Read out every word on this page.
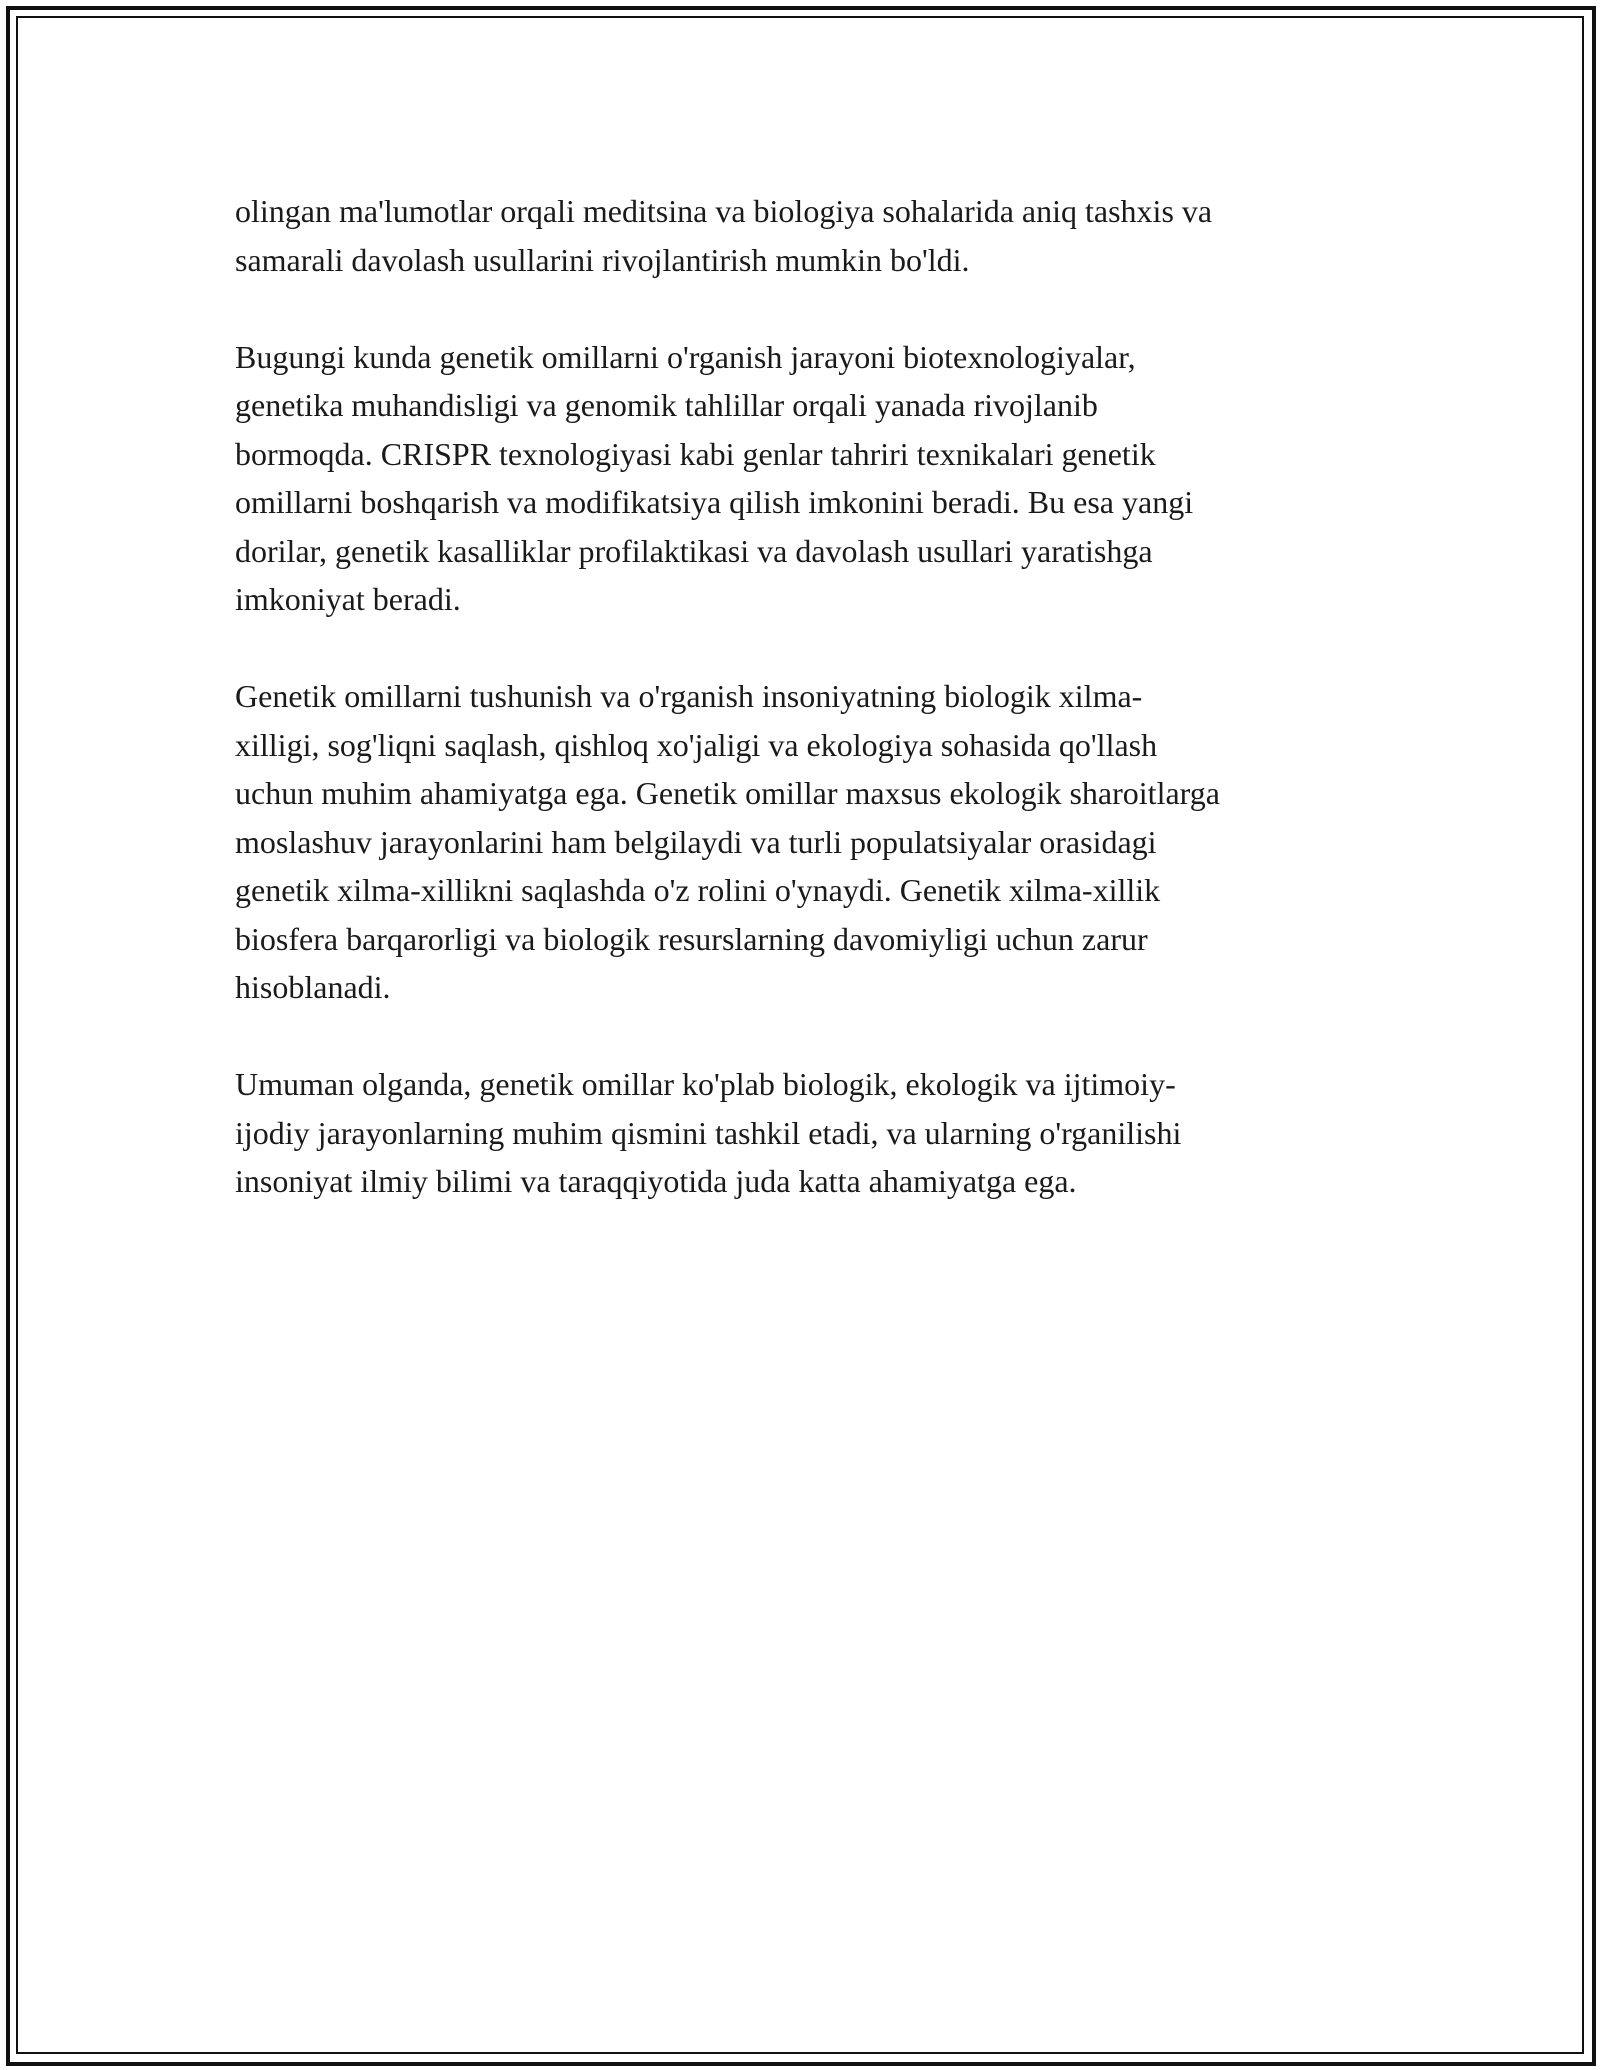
olingan ma'lumotlar orqali meditsina va biologiya sohalarida aniq tashxis va
samarali davolash usullarini rivojlantirish mumkin bo'ldi.

Bugungi kunda genetik omillarni o'rganish jarayoni biotexnologiyalar,
genetika muhandisligi va genomik tahlillar orqali yanada rivojlanib
bormoqda. CRISPR texnologiyasi kabi genlar tahriri texnikalari genetik
omillarni boshqarish va modifikatsiya qilish imkonini beradi. Bu esa yangi
dorilar, genetik kasalliklar profilaktikasi va davolash usullari yaratishga
imkoniyat beradi.

Genetik omillarni tushunish va o'rganish insoniyatning biologik xilma-
xilligi, sog'liqni saqlash, qishloq xo'jaligi va ekologiya sohasida qo'llash
uchun muhim ahamiyatga ega. Genetik omillar maxsus ekologik sharoitlarga
moslashuv jarayonlarini ham belgilaydi va turli populatsiyalar orasidagi
genetik xilma-xillikni saqlashda o'z rolini o'ynaydi. Genetik xilma-xillik
biosfera barqarorligi va biologik resurslarning davomiyligi uchun zarur
hisoblanadi.

Umuman olganda, genetik omillar ko'plab biologik, ekologik va ijtimoiy-
ijodiy jarayonlarning muhim qismini tashkil etadi, va ularning o'rganilishi
insoniyat ilmiy bilimi va taraqqiyotida juda katta ahamiyatga ega.
